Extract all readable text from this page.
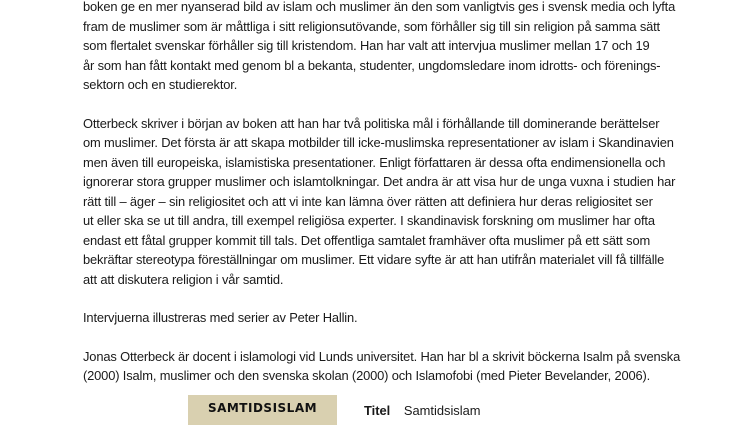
boken ge en mer nyanserad bild av islam och muslimer än den som vanligtvis ges i svensk media och lyfta
fram de muslimer som är måttliga i sitt religionsutövande, som förhåller sig till sin religion på samma sätt
som flertalet svenskar förhåller sig till kristendom. Han har valt att intervjua muslimer mellan 17 och 19
år som han fått kontakt med genom bl a bekanta, studenter, ungdomsledare inom idrotts- och förenings-
sektorn och en studierektor.

Otterbeck skriver i början av boken att han har två politiska mål i förhållande till dominerande berättelser
om muslimer. Det första är att skapa motbilder till icke-muslimska representationer av islam i Skandinavien
men även till europeiska, islamistiska presentationer. Enligt författaren är dessa ofta endimensionella och
ignorerar stora grupper muslimer och islamtolkningar. Det andra är att visa hur de unga vuxna i studien har
rätt till – äger – sin religiositet och att vi inte kan lämna över rätten att definiera hur deras religiositet ser
ut eller ska se ut till andra, till exempel religiösa experter. I skandinavisk forskning om muslimer har ofta
endast ett fåtal grupper kommit till tals. Det offentliga samtalet framhäver ofta muslimer på ett sätt som
bekräftar stereotypa föreställningar om muslimer. Ett vidare syfte är att han utifrån materialet vill få tillfälle
att att diskutera religion i vår samtid.

Intervjuerna illustreras med serier av Peter Hallin.

Jonas Otterbeck är docent i islamologi vid Lunds universitet. Han har bl a skrivit böckerna Isalm på svenska
(2000) Isalm, muslimer och den svenska skolan (2000) och Islamofobi (med Pieter Bevelander, 2006).

SAMTIDSISLAM	Titel Samtidsislam
